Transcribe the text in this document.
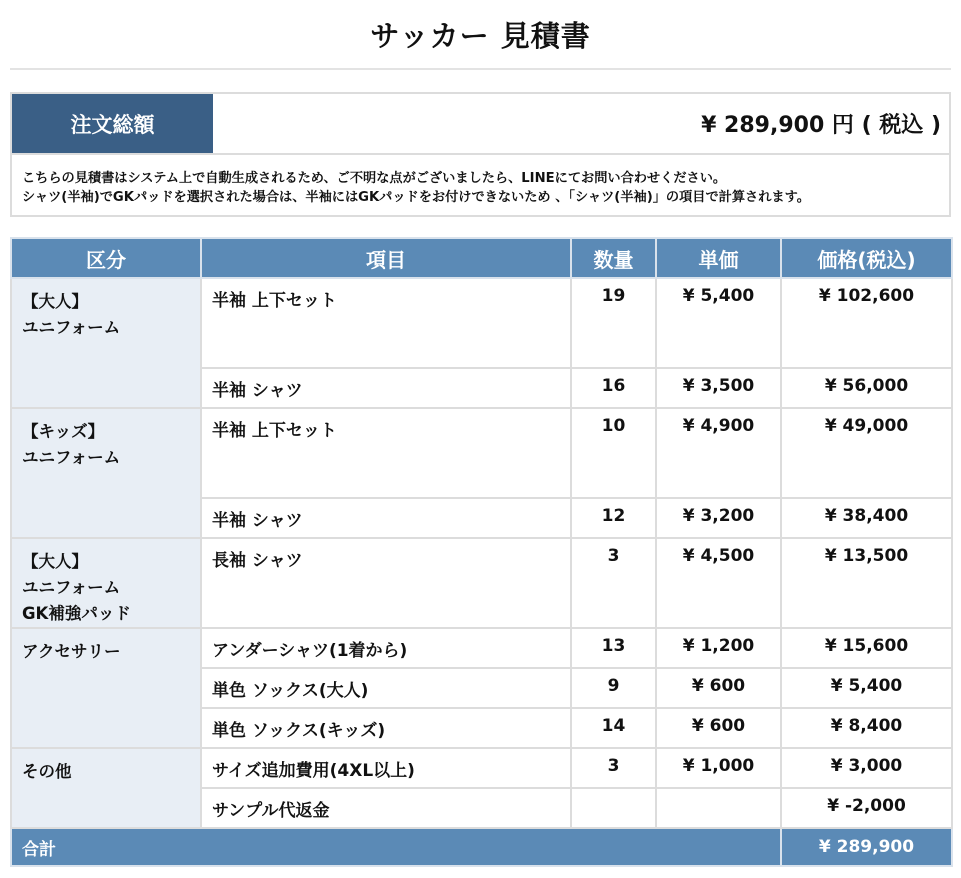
サッカー 見積書
注文総額	¥ 289,900 円 ( 税込 )
こちらの見積書はシステム上で自動生成されるため、ご不明な点がございましたら、LINEにてお問い合わせください。
シャツ(半袖)でGKパッドを選択された場合は、半袖にはGKパッドをお付けできないため 、「シャツ(半袖)」の項目で計算されます。
区分	項目	数量	単価	価格(税込)

【大人】
ユニフォーム	半袖 上下セット	19	¥ 5,400	¥ 102,600
	半袖 シャツ	16	¥ 3,500	¥ 56,000

【キッズ】
ユニフォーム	半袖 上下セット	10	¥ 4,900	¥ 49,000
	半袖 シャツ	12	¥ 3,200	¥ 38,400

【大人】
ユニフォーム
GK補強パッド	長袖 シャツ	3	¥ 4,500	¥ 13,500

アクセサリー	アンダーシャツ(1着から)	13	¥ 1,200	¥ 15,600
	単色 ソックス(大人)	9	¥ 600	¥ 5,400
	単色 ソックス(キッズ)	14	¥ 600	¥ 8,400

その他	サイズ追加費用(4XL以上)	3	¥ 1,000	¥ 3,000
	サンプル代返金			¥ -2,000
合計				¥ 289,900
